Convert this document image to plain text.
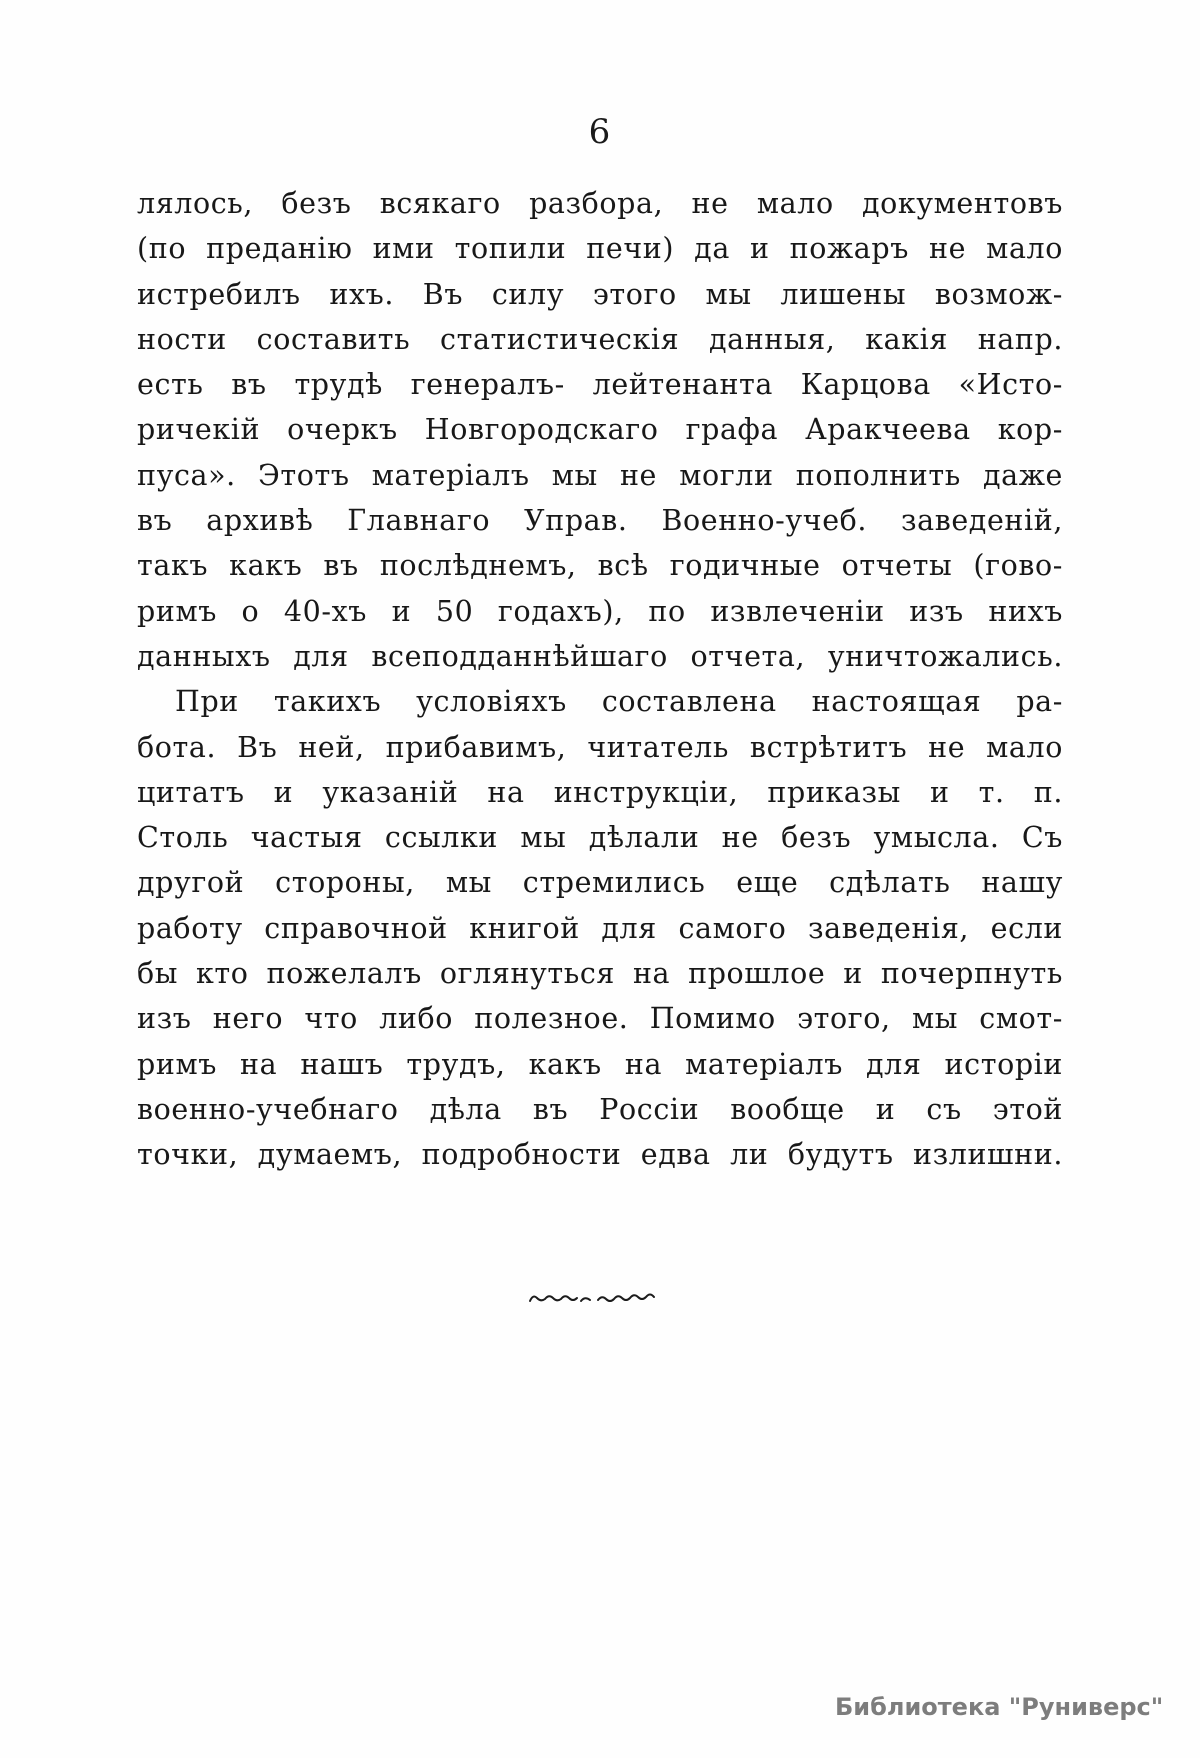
6
лялось, безъ всякаго разбора, не мало документовъ
(по преданію ими топили печи) да и пожаръ не мало
истребилъ ихъ. Въ силу этого мы лишены возмож-
ности составить статистическія данныя, какія напр.
есть въ трудѣ генералъ- лейтенанта Карцова «Исто-
ричекій очеркъ Новгородскаго графа Аракчеева кор-
пуса». Этотъ матеріалъ мы не могли пополнить даже
въ архивѣ Главнаго Управ. Военно-учеб. заведеній,
такъ какъ въ послѣднемъ, всѣ годичные отчеты (гово-
римъ о 40-хъ и 50 годахъ), по извлеченіи изъ нихъ
данныхъ для всеподданнѣйшаго отчета, уничтожались.
При такихъ условіяхъ составлена настоящая ра-
бота. Въ ней, прибавимъ, читатель встрѣтитъ не мало
цитатъ и указаній на инструкціи, приказы и т. п.
Столь частыя ссылки мы дѣлали не безъ умысла. Съ
другой стороны, мы стремились еще сдѣлать нашу
работу справочной книгой для самого заведенія, если
бы кто пожелалъ оглянуться на прошлое и почерпнуть
изъ него что либо полезное. Помимо этого, мы смот-
римъ на нашъ трудъ, какъ на матеріалъ для исторіи
военно-учебнаго дѣла въ Россіи вообще и съ этой
точки, думаемъ, подробности едва ли будутъ излишни.
Библиотека "Руниверс"
